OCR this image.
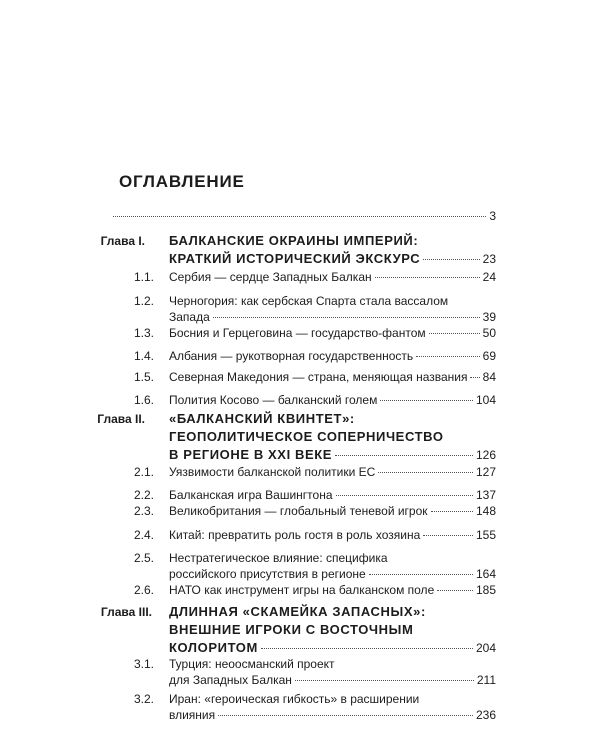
ОГЛАВЛЕНИЕ
3
Глава I. БАЛКАНСКИЕ ОКРАИНЫ ИМПЕРИЙ:
КРАТКИЙ ИСТОРИЧЕСКИЙ ЭКСКУРС	23
1.1. Сербия — сердце Западных Балкан	24
1.2. Черногория: как сербская Спарта стала вассалом
Запада	39
1.3. Босния и Герцеговина — государство-фантом	50
1.4. Албания — рукотворная государственность	69
1.5. Северная Македония — страна, меняющая названия 84
1.6. Полития Косово — балканский голем	104
Глава II. «БАЛКАНСКИЙ КВИНТЕТ»:
ГЕОПОЛИТИЧЕСКОЕ СОПЕРНИЧЕСТВО
В РЕГИОНЕ В XXI ВЕКЕ	126
2.1. Уязвимости балканской политики ЕС	127
2.2. Балканская игра Вашингтона	137
2.3. Великобритания — глобальный теневой игрок	148
2.4. Китай: превратить роль гостя в роль хозяина	155
2.5. Нестратегическое влияние: специфика
российского присутствия в регионе	164
2.6. НАТО как инструмент игры на балканском поле	185
Глава III. ДЛИННАЯ «СКАМЕЙКА ЗАПАСНЫХ»:
ВНЕШНИЕ ИГРОКИ С ВОСТОЧНЫМ
КОЛОРИТОМ	204
3.1. Турция: неоосманский проект
для Западных Балкан	211
3.2. Иран: «героическая гибкость» в расширении
влияния	236
